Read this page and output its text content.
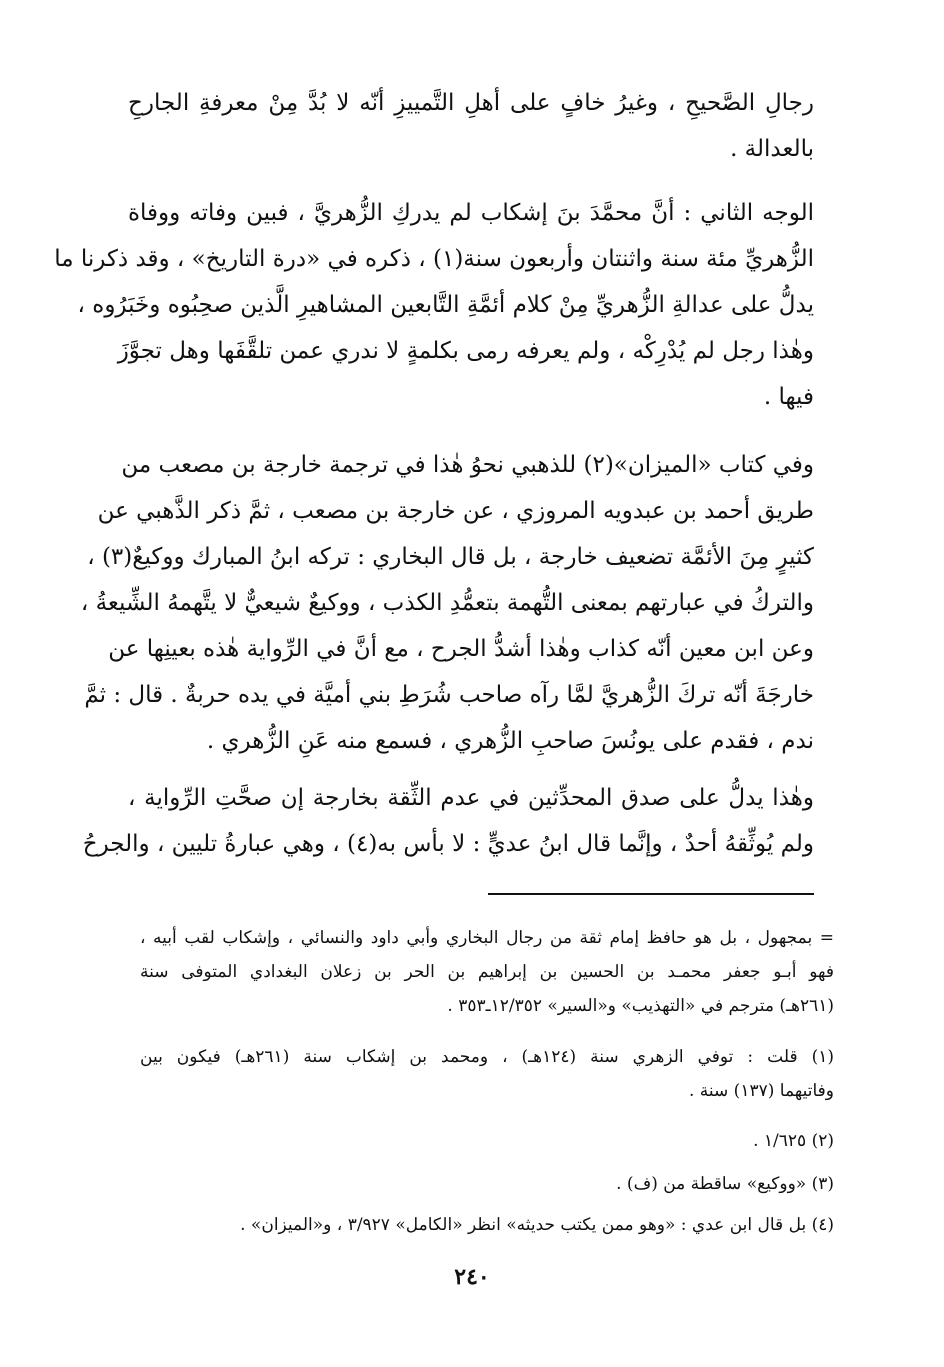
رجالِ الصَّحيحِ ، وغيرُ خافٍ على أهلِ التَّمييزِ أنّه لا بُدَّ مِنْ معرفةِ الجارحِ
بالعدالة .
الوجه الثاني : أنَّ محمَّدَ بنَ إشكاب لم يدركِ الزُّهريَّ ، فبين وفاته ووفاة
الزُّهريِّ مئة سنة واثنتان وأربعون سنة(١) ، ذكره في «درة التاريخ» ، وقد ذكرنا ما
يدلُّ على عدالةِ الزُّهريِّ مِنْ كلام أئمَّةِ التَّابعين المشاهيرِ الَّذين صحِبُوه وخَبَرُوه ،
وهٰذا رجل لم يُدْرِكْه ، ولم يعرفه رمى بكلمةٍ لا ندري عمن تلقَّفَها وهل تجوَّزَ
فيها .
وفي كتاب «الميزان»(٢) للذهبي نحوُ هٰذا في ترجمة خارجة بن مصعب من
طريق أحمد بن عبدويه المروزي ، عن خارجة بن مصعب ، ثمَّ ذكر الذَّهبي عن
كثيرٍ مِنَ الأئمَّة تضعيف خارجة ، بل قال البخاري : تركه ابنُ المبارك ووكيعٌ(٣) ،
والتركُ في عبارتهم بمعنى التُّهمة بتعمُّدِ الكذب ، ووكيعٌ شيعيٌّ لا يتَّهمهُ الشِّيعةُ ،
وعن ابن معين أنّه كذاب وهٰذا أشدُّ الجرح ، مع أنَّ في الرِّواية هٰذه بعينِها عن
خارجَةَ أنّه تركَ الزُّهريَّ لمَّا رآه صاحب شُرَطِ بني أميَّة في يده حربةٌ . قال : ثمَّ
ندم ، فقدم على يونُسَ صاحبِ الزُّهري ، فسمع منه عَنِ الزُّهري .
وهٰذا يدلُّ على صدق المحدِّثين في عدم الثِّقة بخارجة إن صحَّتِ الرِّواية ،
ولم يُوثِّقهُ أحدٌ ، وإنَّما قال ابنُ عديٍّ : لا بأس به(٤) ، وهي عبارةُ تليين ، والجرحُ
= بمجهول ، بل هو حافظ إمام ثقة من رجال البخاري وأبي داود والنسائي ، وإشكاب لقب أبيه ،
فهو أبـو جعفر محمـد بن الحسين بن إبراهيم بن الحر بن زعلان البغدادي المتوفى سنة
(٢٦١هـ) مترجم في «التهذيب» و«السير» ١٢/٣٥٢ـ٣٥٣ .
(١) قلت : توفي الزهري سنة (١٢٤هـ) ، ومحمد بن إشكاب سنة (٢٦١هـ) فيكون بين
وفاتيهما (١٣٧) سنة .
(٢) ١/٦٢٥ .
(٣) «ووكيع» ساقطة من (ف) .
(٤) بل قال ابن عدي : «وهو ممن يكتب حديثه» انظر «الكامل» ٣/٩٢٧ ، و«الميزان» .
٢٤٠
